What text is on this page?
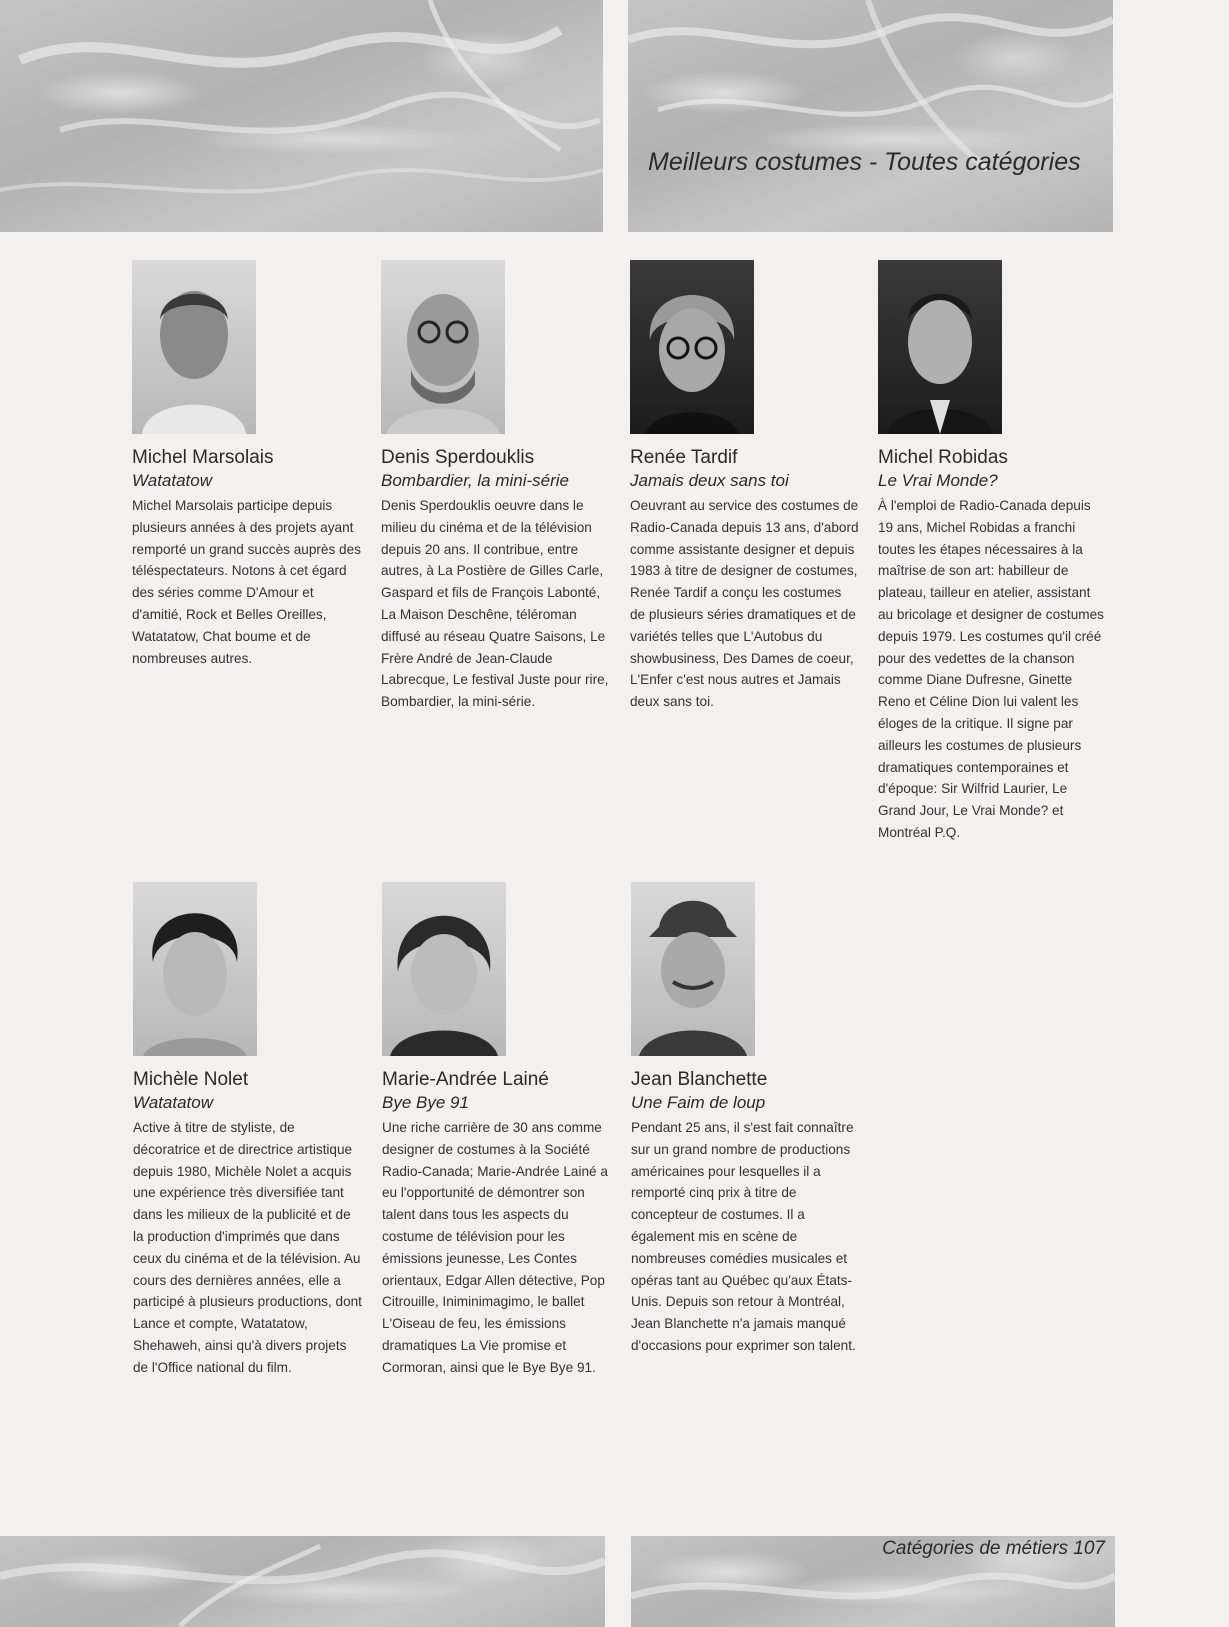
Meilleurs costumes - Toutes catégories
Catégories de métiers 107
Michel Marsolais
Watatatow
Michel Marsolais participe depuis plusieurs années à des projets ayant remporté un grand succès auprès des téléspectateurs. Notons à cet égard des séries comme D'Amour et d'amitié, Rock et Belles Oreilles, Watatatow, Chat boume et de nombreuses autres.
Denis Sperdouklis
Bombardier, la mini-série
Denis Sperdouklis oeuvre dans le milieu du cinéma et de la télévision depuis 20 ans. Il contribue, entre autres, à La Postière de Gilles Carle, Gaspard et fils de François Labonté, La Maison Deschêne, téléroman diffusé au réseau Quatre Saisons, Le Frère André de Jean-Claude Labrecque, Le festival Juste pour rire, Bombardier, la mini-série.
Renée Tardif
Jamais deux sans toi
Oeuvrant au service des costumes de Radio-Canada depuis 13 ans, d'abord comme assistante designer et depuis 1983 à titre de designer de costumes, Renée Tardif a conçu les costumes de plusieurs séries dramatiques et de variétés telles que L'Autobus du showbusiness, Des Dames de coeur, L'Enfer c'est nous autres et Jamais deux sans toi.
Michel Robidas
Le Vrai Monde?
À l'emploi de Radio-Canada depuis 19 ans, Michel Robidas a franchi toutes les étapes nécessaires à la maîtrise de son art: habilleur de plateau, tailleur en atelier, assistant au bricolage et designer de costumes depuis 1979. Les costumes qu'il créé pour des vedettes de la chanson comme Diane Dufresne, Ginette Reno et Céline Dion lui valent les éloges de la critique. Il signe par ailleurs les costumes de plusieurs dramatiques contemporaines et d'époque: Sir Wilfrid Laurier, Le Grand Jour, Le Vrai Monde? et Montréal P.Q.
Michèle Nolet
Watatatow
Active à titre de styliste, de décoratrice et de directrice artistique depuis 1980, Michèle Nolet a acquis une expérience très diversifiée tant dans les milieux de la publicité et de la production d'imprimés que dans ceux du cinéma et de la télévision. Au cours des dernières années, elle a participé à plusieurs productions, dont Lance et compte, Watatatow, Shehaweh, ainsi qu'à divers projets de l'Office national du film.
Marie-Andrée Lainé
Bye Bye 91
Une riche carrière de 30 ans comme designer de costumes à la Société Radio-Canada; Marie-Andrée Lainé a eu l'opportunité de démontrer son talent dans tous les aspects du costume de télévision pour les émissions jeunesse, Les Contes orientaux, Edgar Allen détective, Pop Citrouille, Iniminimagimo, le ballet L'Oiseau de feu, les émissions dramatiques La Vie promise et Cormoran, ainsi que le Bye Bye 91.
Jean Blanchette
Une Faim de loup
Pendant 25 ans, il s'est fait connaître sur un grand nombre de productions américaines pour lesquelles il a remporté cinq prix à titre de concepteur de costumes. Il a également mis en scène de nombreuses comédies musicales et opéras tant au Québec qu'aux États-Unis. Depuis son retour à Montréal, Jean Blanchette n'a jamais manqué d'occasions pour exprimer son talent.
